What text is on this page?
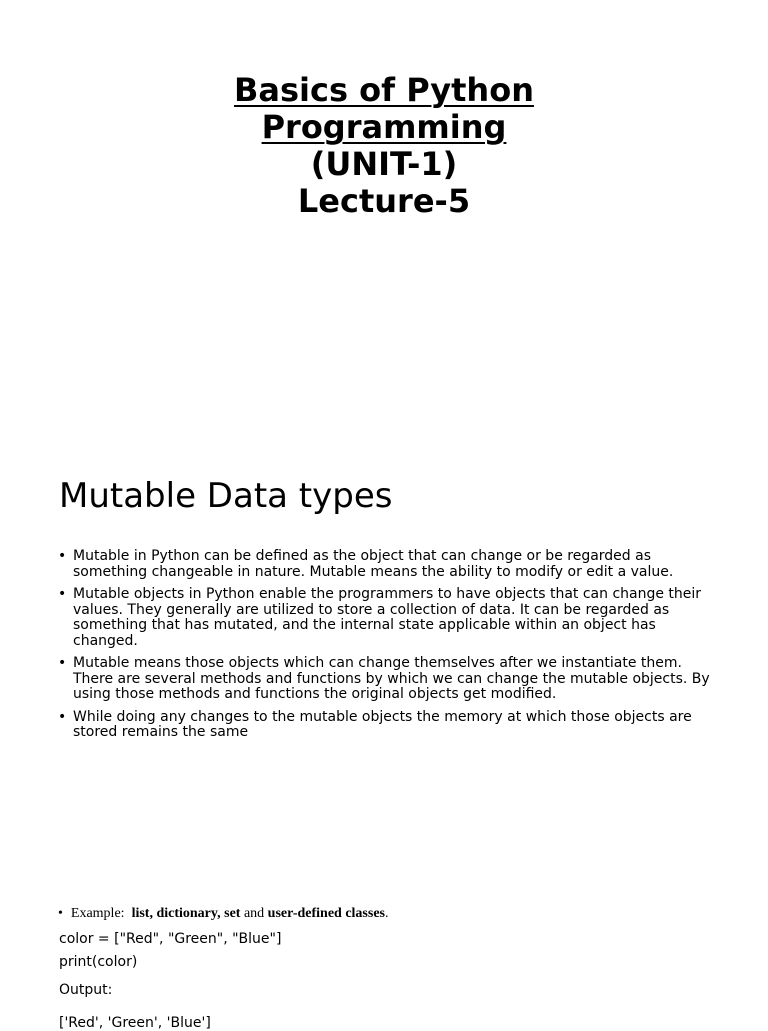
Basics of Python
Programming
(UNIT-1)
Lecture-5
Mutable Data types
• Mutable in Python can be defined as the object that can change or be regarded as something changeable in nature. Mutable means the ability to modify or edit a value.
• Mutable objects in Python enable the programmers to have objects that can change their values. They generally are utilized to store a collection of data. It can be regarded as something that has mutated, and the internal state applicable within an object has changed.
• Mutable means those objects which can change themselves after we instantiate them. There are several methods and functions by which we can change the mutable objects. By using those methods and functions the original objects get modified.
• While doing any changes to the mutable objects the memory at which those objects are stored remains the same
• Example: list, dictionary, set and user-defined classes.
color = ["Red", "Green", "Blue"]
print(color)
Output:
['Red', 'Green', 'Blue']
